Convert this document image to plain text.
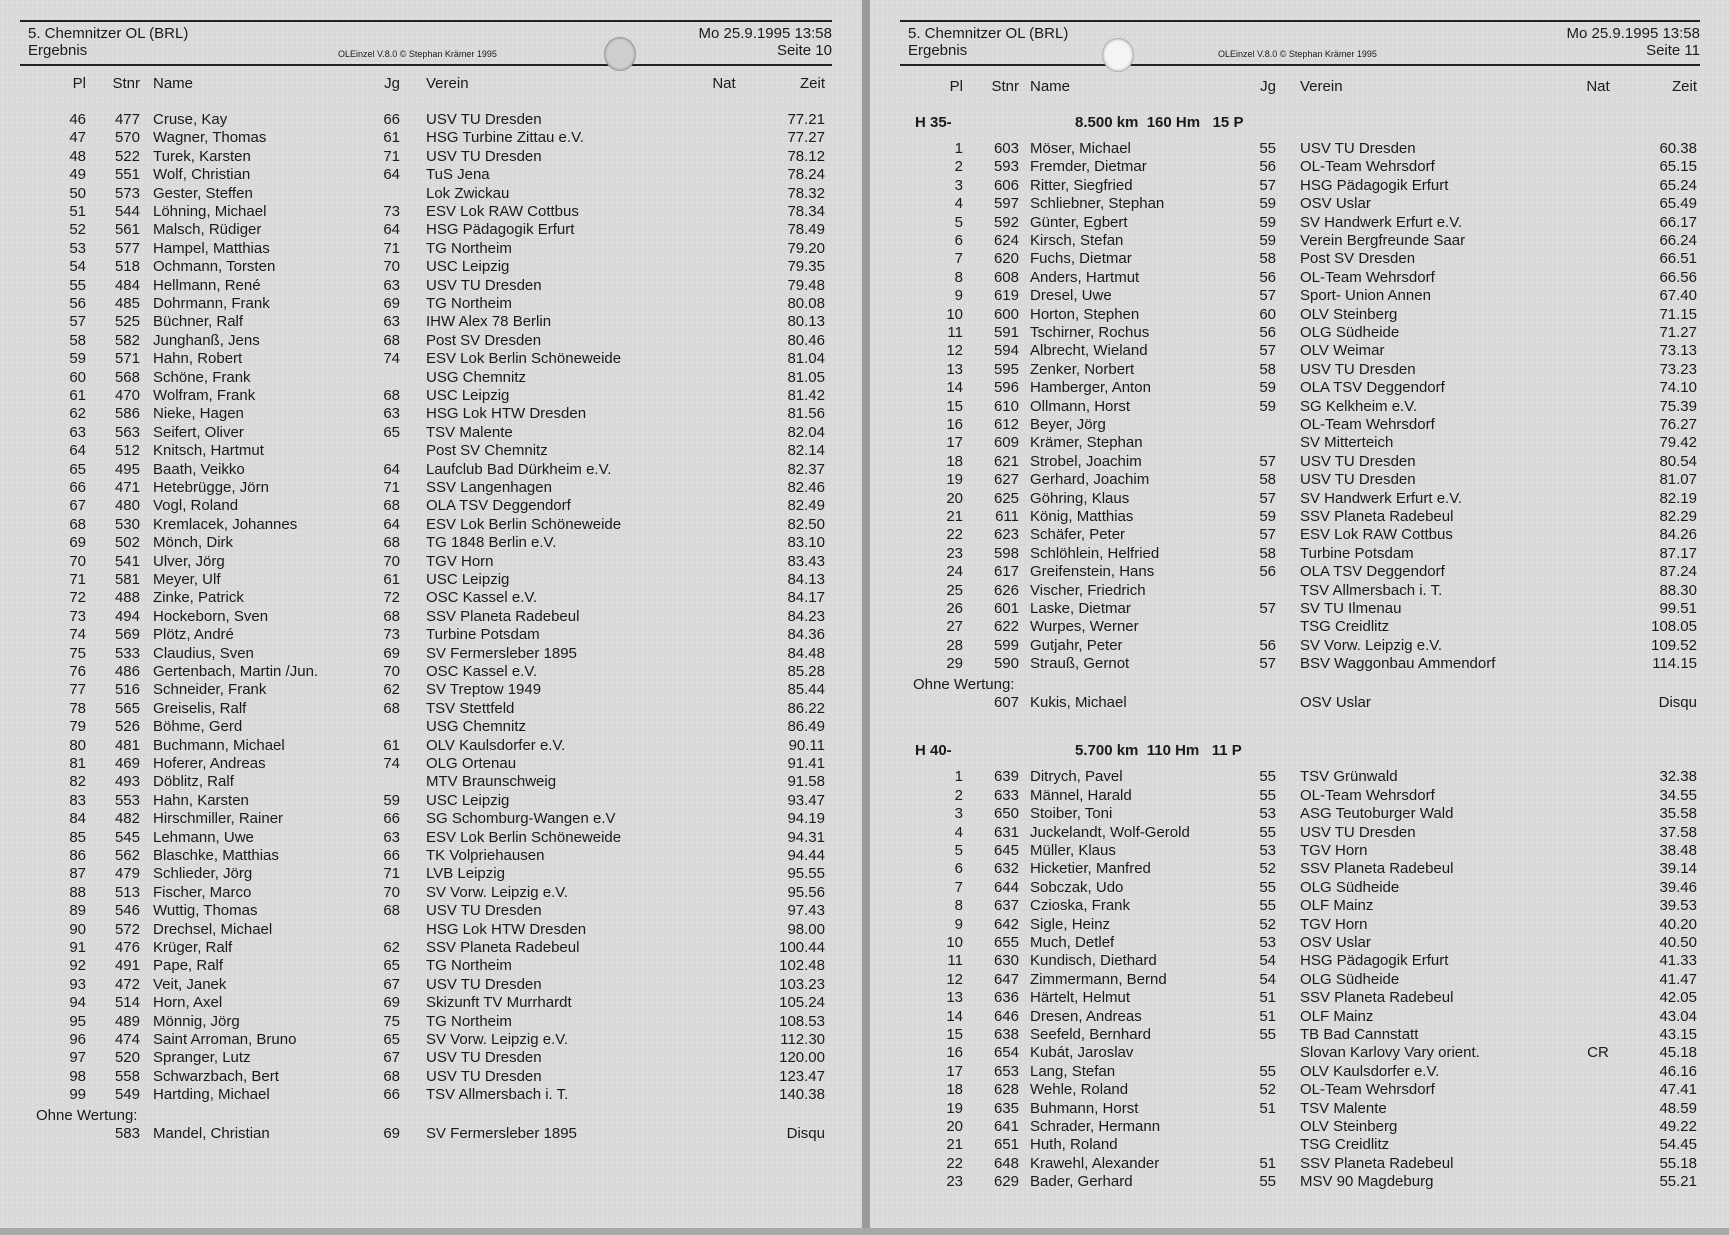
5. Chemnitzer OL (BRL)
Ergebnis	OLEinzel V.8.0 © Stephan Krämer 1995
Mo 25.9.1995 13:58
Seite 10
Pl	Stnr Name	Jg Verein	Nat	Zeit
46	477 Cruse, Kay	66 USV TU Dresden	77.21
47	570 Wagner, Thomas	61 HSG Turbine Zittau e.V.	77.27
48	522 Turek, Karsten	71 USV TU Dresden	78.12
49	551 Wolf, Christian	64 TuS Jena	78.24
50	573 Gester, Steffen	Lok Zwickau	78.32
51	544 Löhning, Michael	73 ESV Lok RAW Cottbus	78.34
52	561 Malsch, Rüdiger	64 HSG Pädagogik Erfurt	78.49
53	577 Hampel, Matthias	71 TG Northeim	79.20
54	518 Ochmann, Torsten	70 USC Leipzig	79.35
55	484 Hellmann, René	63 USV TU Dresden	79.48
56	485 Dohrmann, Frank	69 TG Northeim	80.08
57	525 Büchner, Ralf	63 IHW Alex 78 Berlin	80.13
58	582 Junghanß, Jens	68 Post SV Dresden	80.46
59	571 Hahn, Robert	74 ESV Lok Berlin Schöneweide	81.04
60	568 Schöne, Frank	USG Chemnitz	81.05
61	470 Wolfram, Frank	68 USC Leipzig	81.42
62	586 Nieke, Hagen	63 HSG Lok HTW Dresden	81.56
63	563 Seifert, Oliver	65 TSV Malente	82.04
64	512 Knitsch, Hartmut	Post SV Chemnitz	82.14
65	495 Baath, Veikko	64 Laufclub Bad Dürkheim e.V.	82.37
66	471 Hetebrügge, Jörn	71 SSV Langenhagen	82.46
67	480 Vogl, Roland	68 OLA TSV Deggendorf	82.49
68	530 Kremlacek, Johannes	64 ESV Lok Berlin Schöneweide	82.50
69	502 Mönch, Dirk	68 TG 1848 Berlin e.V.	83.10
70	541 Ulver, Jörg	70 TGV Horn	83.43
71	581 Meyer, Ulf	61 USC Leipzig	84.13
72	488 Zinke, Patrick	72 OSC Kassel e.V.	84.17
73	494 Hockeborn, Sven	68 SSV Planeta Radebeul	84.23
74	569 Plötz, André	73 Turbine Potsdam	84.36
75	533 Claudius, Sven	69 SV Fermersleber 1895	84.48
76	486 Gertenbach, Martin /Jun.	70 OSC Kassel e.V.	85.28
77	516 Schneider, Frank	62 SV Treptow 1949	85.44
78	565 Greiselis, Ralf	68 TSV Stettfeld	86.22
79	526 Böhme, Gerd	USG Chemnitz	86.49
80	481 Buchmann, Michael	61 OLV Kaulsdorfer e.V.	90.11
81	469 Hoferer, Andreas	74 OLG Ortenau	91.41
82	493 Döblitz, Ralf	MTV Braunschweig	91.58
83	553 Hahn, Karsten	59 USC Leipzig	93.47
84	482 Hirschmiller, Rainer	66 SG Schomburg-Wangen e.V	94.19
85	545 Lehmann, Uwe	63 ESV Lok Berlin Schöneweide	94.31
86	562 Blaschke, Matthias	66 TK Volpriehausen	94.44
87	479 Schlieder, Jörg	71 LVB Leipzig	95.55
88	513 Fischer, Marco	70 SV Vorw. Leipzig e.V.	95.56
89	546 Wuttig, Thomas	68 USV TU Dresden	97.43
90	572 Drechsel, Michael	HSG Lok HTW Dresden	98.00
91	476 Krüger, Ralf	62 SSV Planeta Radebeul	100.44
92	491 Pape, Ralf	65 TG Northeim	102.48
93	472 Veit, Janek	67 USV TU Dresden	103.23
94	514 Horn, Axel	69 Skizunft TV Murrhardt	105.24
95	489 Mönnig, Jörg	75 TG Northeim	108.53
96	474 Saint Arroman, Bruno	65 SV Vorw. Leipzig e.V.	112.30
97	520 Spranger, Lutz	67 USV TU Dresden	120.00
98	558 Schwarzbach, Bert	68 USV TU Dresden	123.47
99	549 Hartding, Michael	66 TSV Allmersbach i. T.	140.38
Ohne Wertung:
583 Mandel, Christian	69 SV Fermersleber 1895	Disqu
5. Chemnitzer OL (BRL)
Ergebnis	OLEinzel V.8.0 © Stephan Krämer 1995
Mo 25.9.1995 13:58
Seite 11
Pl	Stnr Name	Jg Verein	Nat	Zeit
H 35-	8.500 km  160 Hm   15 P
1	603 Möser, Michael	55 USV TU Dresden	60.38
2	593 Fremder, Dietmar	56 OL-Team Wehrsdorf	65.15
3	606 Ritter, Siegfried	57 HSG Pädagogik Erfurt	65.24
4	597 Schliebner, Stephan	59 OSV Uslar	65.49
5	592 Günter, Egbert	59 SV Handwerk Erfurt e.V.	66.17
6	624 Kirsch, Stefan	59 Verein Bergfreunde Saar	66.24
7	620 Fuchs, Dietmar	58 Post SV Dresden	66.51
8	608 Anders, Hartmut	56 OL-Team Wehrsdorf	66.56
9	619 Dresel, Uwe	57 Sport- Union Annen	67.40
10	600 Horton, Stephen	60 OLV Steinberg	71.15
11	591 Tschirner, Rochus	56 OLG Südheide	71.27
12	594 Albrecht, Wieland	57 OLV Weimar	73.13
13	595 Zenker, Norbert	58 USV TU Dresden	73.23
14	596 Hamberger, Anton	59 OLA TSV Deggendorf	74.10
15	610 Ollmann, Horst	59 SG Kelkheim e.V.	75.39
16	612 Beyer, Jörg	OL-Team Wehrsdorf	76.27
17	609 Krämer, Stephan	SV Mitterteich	79.42
18	621 Strobel, Joachim	57 USV TU Dresden	80.54
19	627 Gerhard, Joachim	58 USV TU Dresden	81.07
20	625 Göhring, Klaus	57 SV Handwerk Erfurt e.V.	82.19
21	611 König, Matthias	59 SSV Planeta Radebeul	82.29
22	623 Schäfer, Peter	57 ESV Lok RAW Cottbus	84.26
23	598 Schlöhlein, Helfried	58 Turbine Potsdam	87.17
24	617 Greifenstein, Hans	56 OLA TSV Deggendorf	87.24
25	626 Vischer, Friedrich	TSV Allmersbach i. T.	88.30
26	601 Laske, Dietmar	57 SV TU Ilmenau	99.51
27	622 Wurpes, Werner	TSG Creidlitz	108.05
28	599 Gutjahr, Peter	56 SV Vorw. Leipzig e.V.	109.52
29	590 Strauß, Gernot	57 BSV Waggonbau Ammendorf	114.15
Ohne Wertung:
607 Kukis, Michael	OSV Uslar	Disqu
H 40-	5.700 km  110 Hm   11 P
1	639 Ditrych, Pavel	55 TSV Grünwald	32.38
2	633 Männel, Harald	55 OL-Team Wehrsdorf	34.55
3	650 Stoiber, Toni	53 ASG Teutoburger Wald	35.58
4	631 Juckelandt, Wolf-Gerold	55 USV TU Dresden	37.58
5	645 Müller, Klaus	53 TGV Horn	38.48
6	632 Hicketier, Manfred	52 SSV Planeta Radebeul	39.14
7	644 Sobczak, Udo	55 OLG Südheide	39.46
8	637 Czioska, Frank	55 OLF Mainz	39.53
9	642 Sigle, Heinz	52 TGV Horn	40.20
10	655 Much, Detlef	53 OSV Uslar	40.50
11	630 Kundisch, Diethard	54 HSG Pädagogik Erfurt	41.33
12	647 Zimmermann, Bernd	54 OLG Südheide	41.47
13	636 Härtelt, Helmut	51 SSV Planeta Radebeul	42.05
14	646 Dresen, Andreas	51 OLF Mainz	43.04
15	638 Seefeld, Bernhard	55 TB Bad Cannstatt	43.15
16	654 Kubát, Jaroslav	Slovan Karlovy Vary orient.	CR	45.18
17	653 Lang, Stefan	55 OLV Kaulsdorfer e.V.	46.16
18	628 Wehle, Roland	52 OL-Team Wehrsdorf	47.41
19	635 Buhmann, Horst	51 TSV Malente	48.59
20	641 Schrader, Hermann	OLV Steinberg	49.22
21	651 Huth, Roland	TSG Creidlitz	54.45
22	648 Krawehl, Alexander	51 SSV Planeta Radebeul	55.18
23	629 Bader, Gerhard	55 MSV 90 Magdeburg	55.21
